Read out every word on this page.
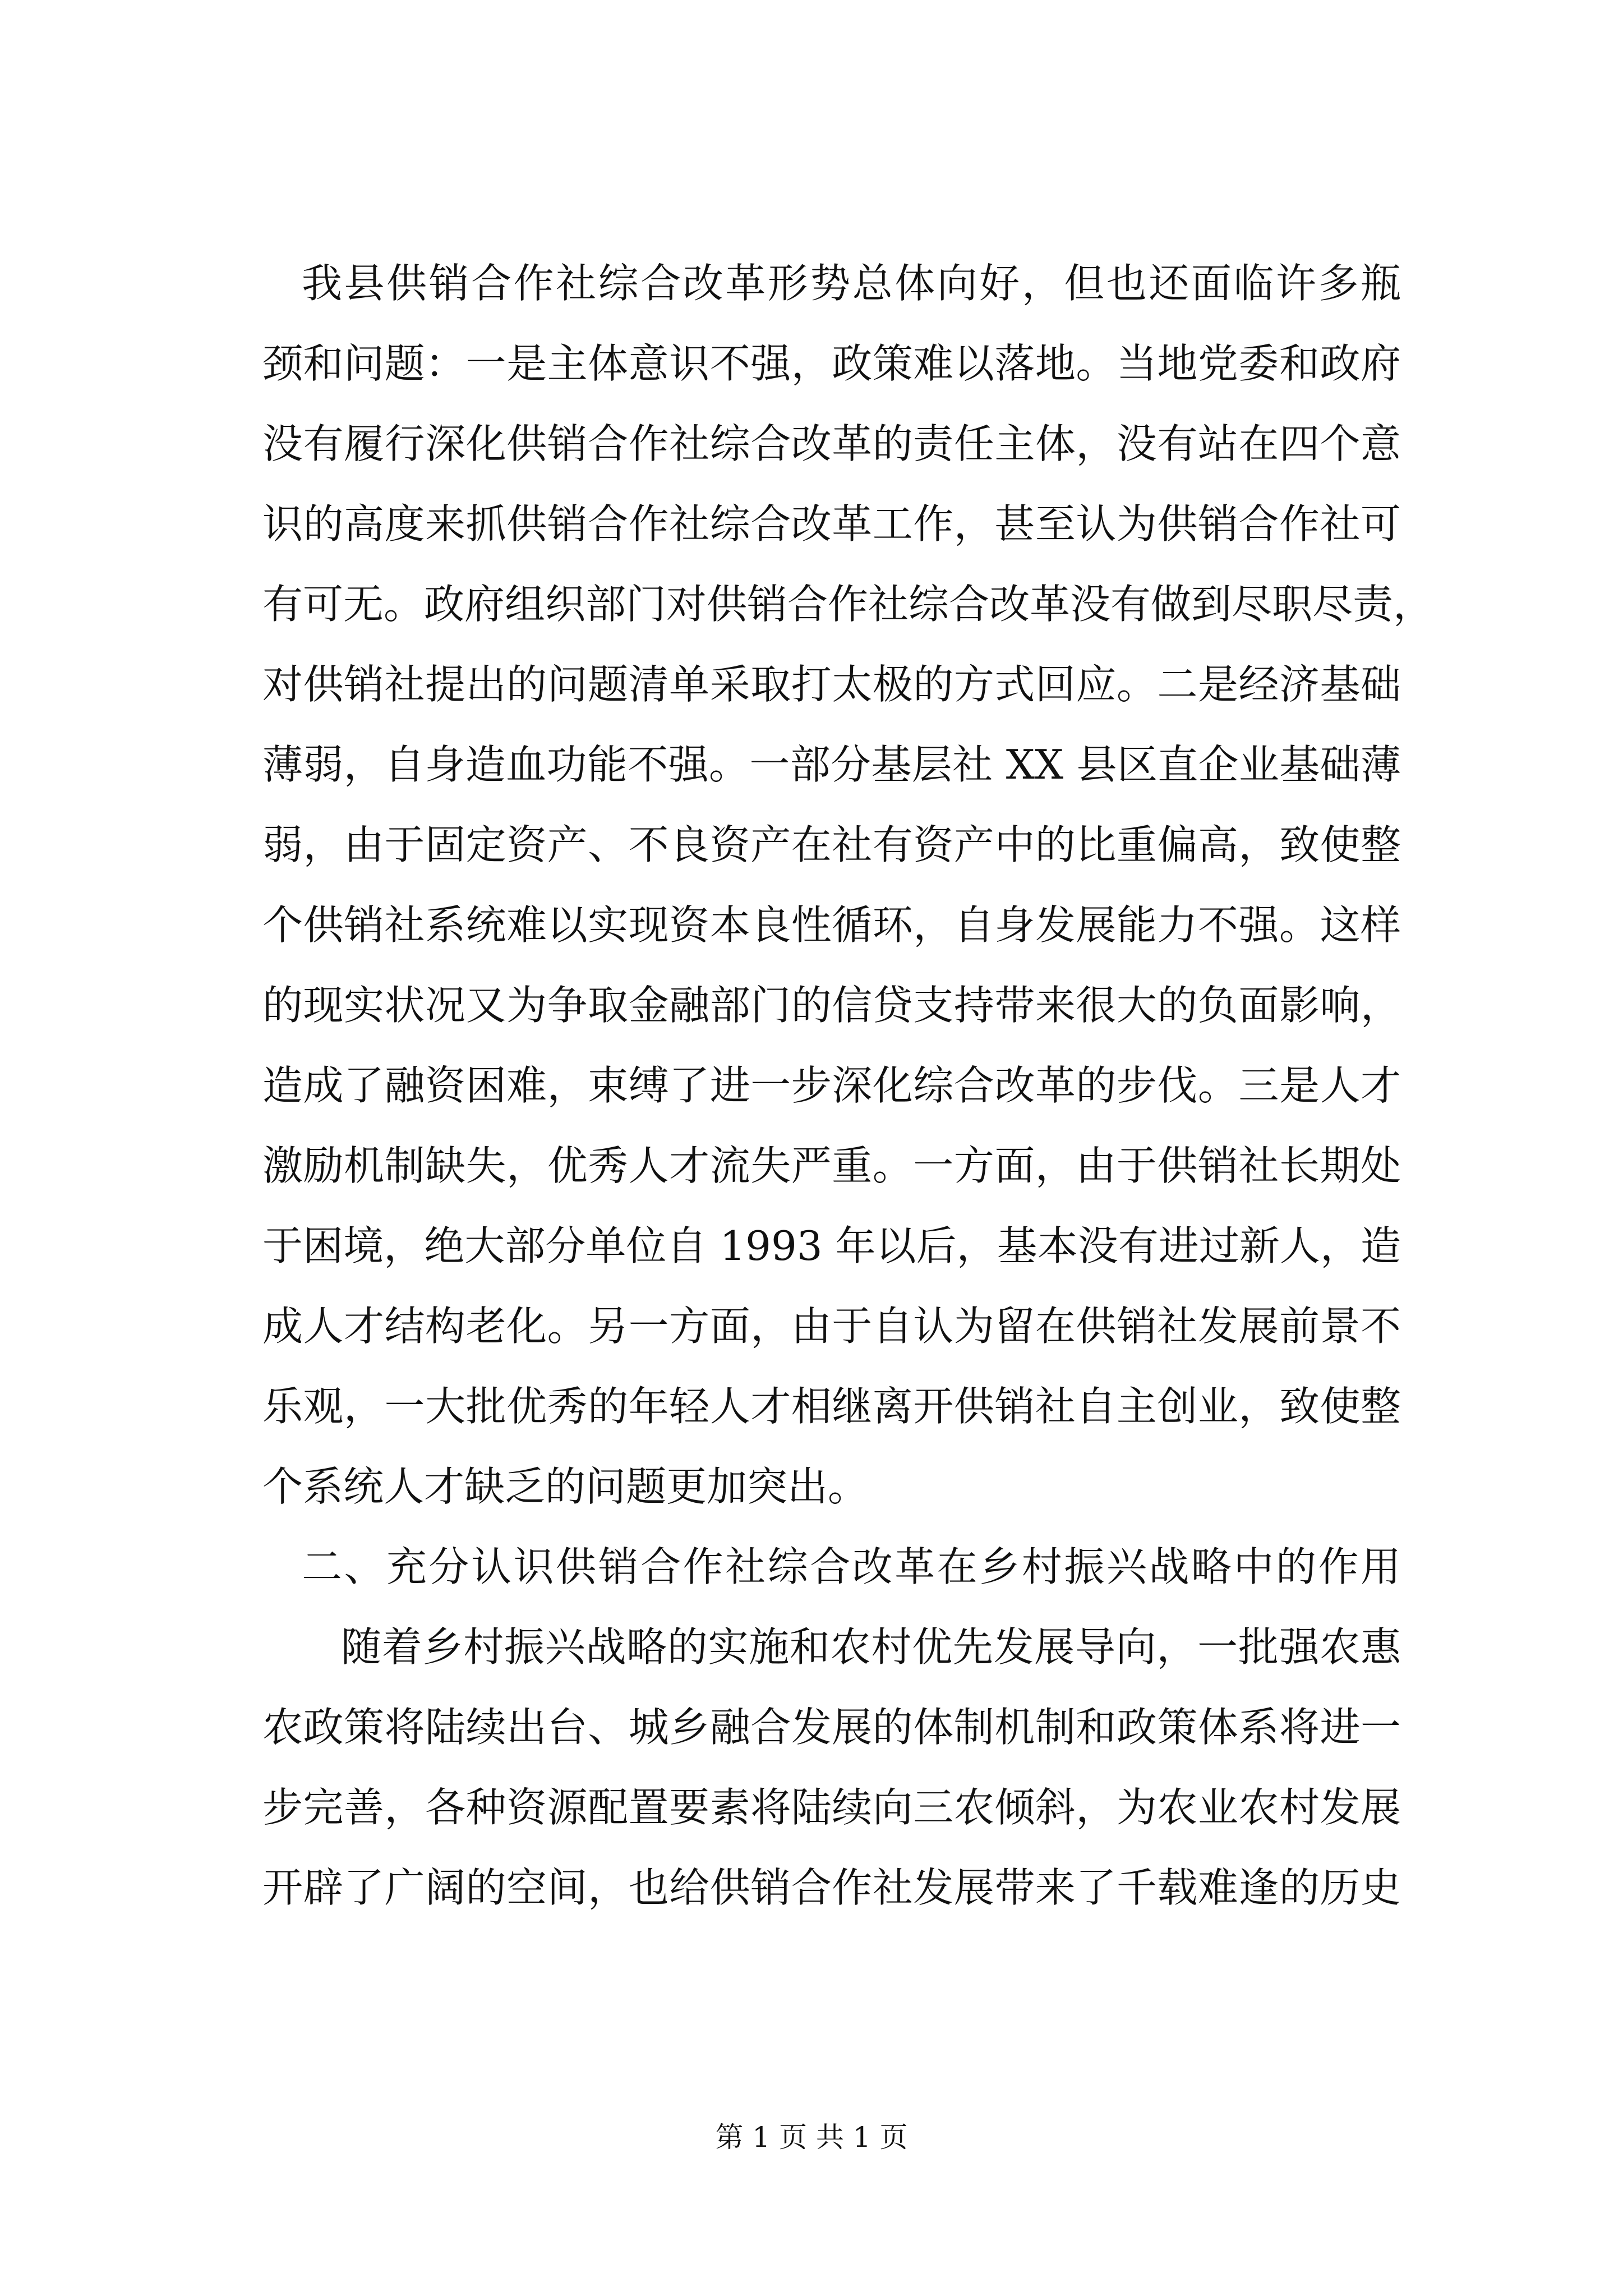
我县供销合作社综合改革形势总体向好，但也还面临许多瓶
颈和问题：一是主体意识不强，政策难以落地。当地党委和政府
没有履行深化供销合作社综合改革的责任主体，没有站在四个意
识的高度来抓供销合作社综合改革工作，甚至认为供销合作社可
有可无。政府组织部门对供销合作社综合改革没有做到尽职尽责，
对供销社提出的问题清单采取打太极的方式回应。二是经济基础
薄弱，自身造血功能不强。一部分基层社 XX 县区直企业基础薄
弱，由于固定资产、不良资产在社有资产中的比重偏高，致使整
个供销社系统难以实现资本良性循环，自身发展能力不强。这样
的现实状况又为争取金融部门的信贷支持带来很大的负面影响，
造成了融资困难，束缚了进一步深化综合改革的步伐。三是人才
激励机制缺失，优秀人才流失严重。一方面，由于供销社长期处
于困境，绝大部分单位自 1993 年以后，基本没有进过新人，造
成人才结构老化。另一方面，由于自认为留在供销社发展前景不
乐观，一大批优秀的年轻人才相继离开供销社自主创业，致使整
个系统人才缺乏的问题更加突出。
二、充分认识供销合作社综合改革在乡村振兴战略中的作用
随着乡村振兴战略的实施和农村优先发展导向，一批强农惠
农政策将陆续出台、城乡融合发展的体制机制和政策体系将进一
步完善，各种资源配置要素将陆续向三农倾斜，为农业农村发展
开辟了广阔的空间，也给供销合作社发展带来了千载难逢的历史
第 1 页 共 1 页
